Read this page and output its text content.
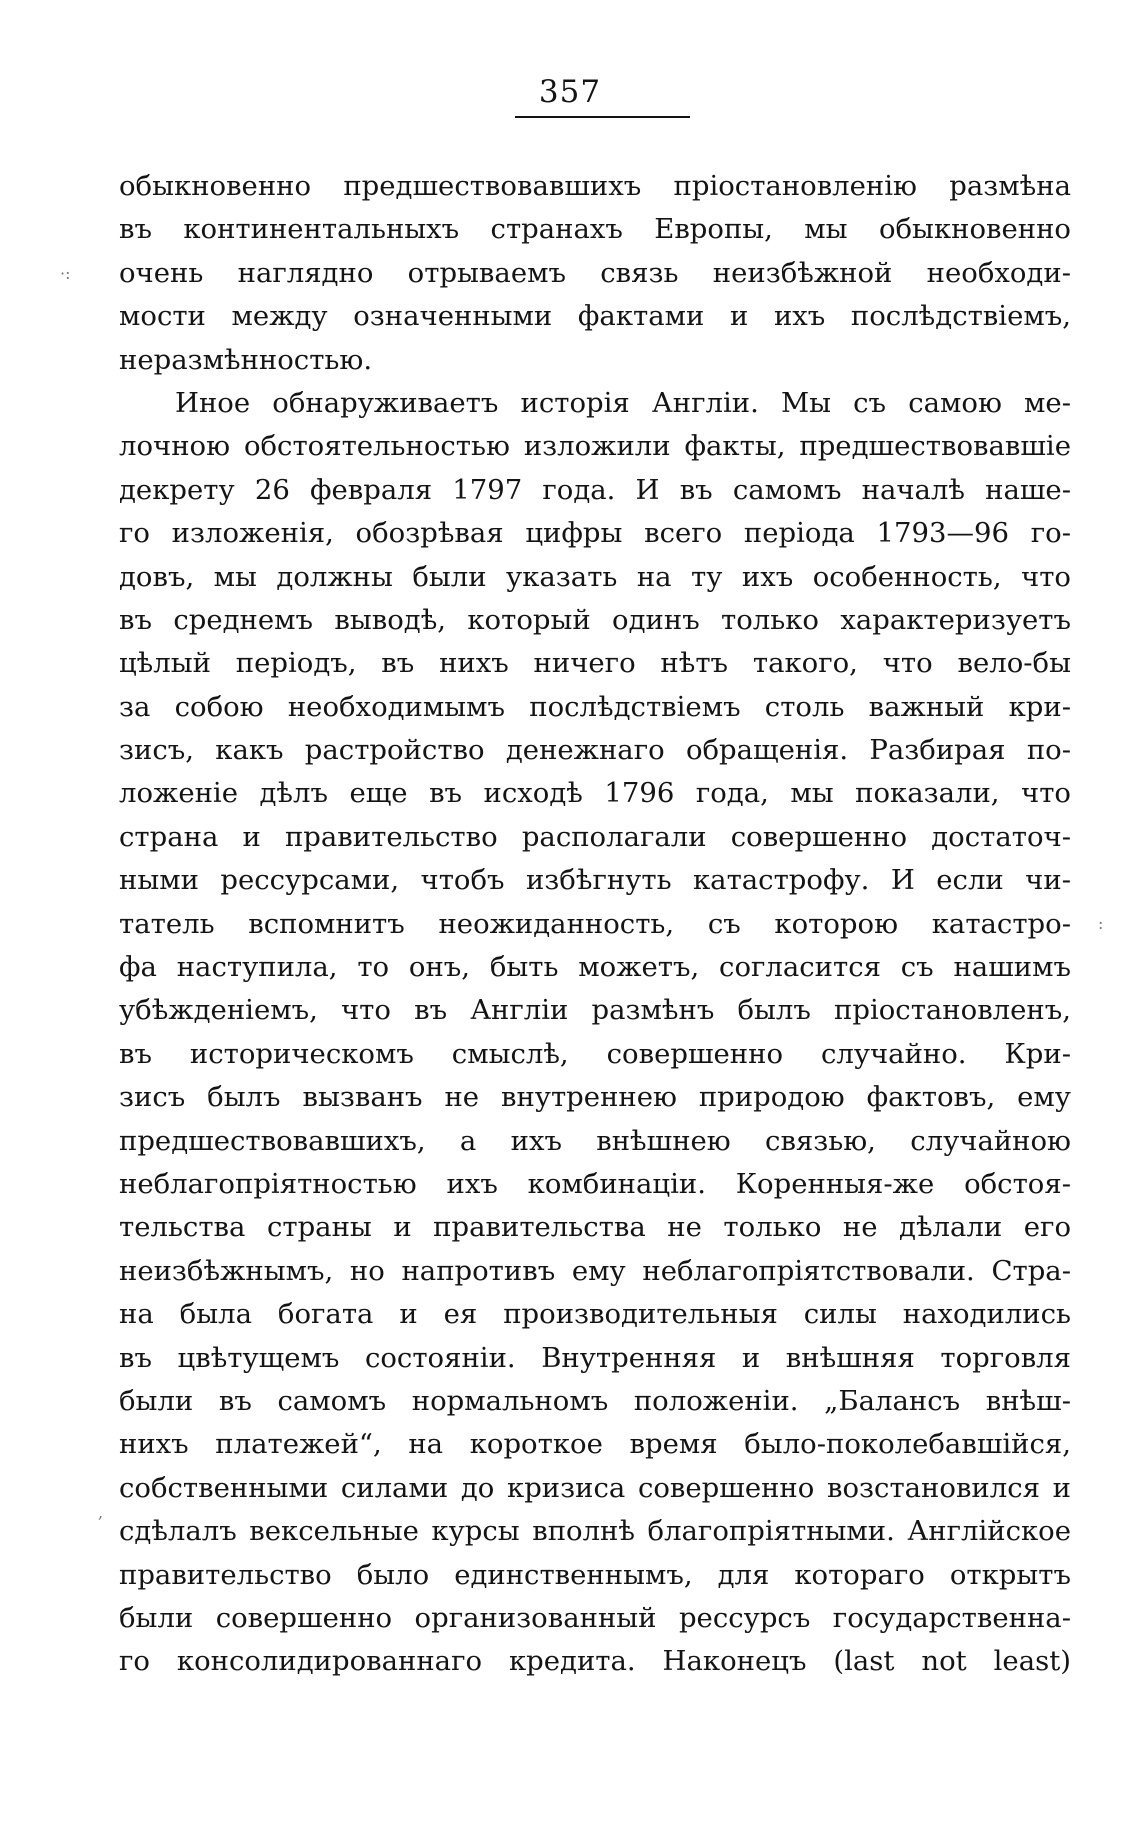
357
·:
:
,
обыкновенно предшествовавшихъ пріостановленію размѣна
въ континентальныхъ странахъ Европы, мы обыкновенно
очень наглядно отрываемъ связь неизбѣжной необходи-
мости между означенными фактами и ихъ послѣдствіемъ,
неразмѣнностью.
Иное обнаруживаетъ исторія Англіи. Мы съ самою ме-
лочною обстоятельностью изложили факты, предшествовавшіе
декрету 26 февраля 1797 года. И въ самомъ началѣ наше-
го изложенія, обозрѣвая цифры всего періода 1793—96 го-
довъ, мы должны были указать на ту ихъ особенность, что
въ среднемъ выводѣ, который одинъ только характеризуетъ
цѣлый періодъ, въ нихъ ничего нѣтъ такого, что вело-бы
за собою необходимымъ послѣдствіемъ столь важный кри-
зисъ, какъ растройство денежнаго обращенія. Разбирая по-
ложеніе дѣлъ еще въ исходѣ 1796 года, мы показали, что
страна и правительство располагали совершенно достаточ-
ными рессурсами, чтобъ избѣгнуть катастрофу. И если чи-
татель вспомнитъ неожиданность, съ которою катастро-
фа наступила, то онъ, быть можетъ, согласится съ нашимъ
убѣжденіемъ, что въ Англіи размѣнъ былъ пріостановленъ,
въ историческомъ смыслѣ, совершенно случайно. Кри-
зисъ былъ вызванъ не внутреннею природою фактовъ, ему
предшествовавшихъ, а ихъ внѣшнею связью, случайною
неблагопріятностью ихъ комбинаціи. Коренныя-же обстоя-
тельства страны и правительства не только не дѣлали его
неизбѣжнымъ, но напротивъ ему неблагопріятствовали. Стра-
на была богата и ея производительныя силы находились
въ цвѣтущемъ состояніи. Внутренняя и внѣшняя торговля
были въ самомъ нормальномъ положеніи. „Балансъ внѣш-
нихъ платежей“, на короткое время было-поколебавшійся,
собственными силами до кризиса совершенно возстановился и
сдѣлалъ вексельные курсы вполнѣ благопріятными. Англійское
правительство было единственнымъ, для котораго открытъ
были совершенно организованный рессурсъ государственна-
го консолидированнаго кредита. Наконецъ (last not least)
